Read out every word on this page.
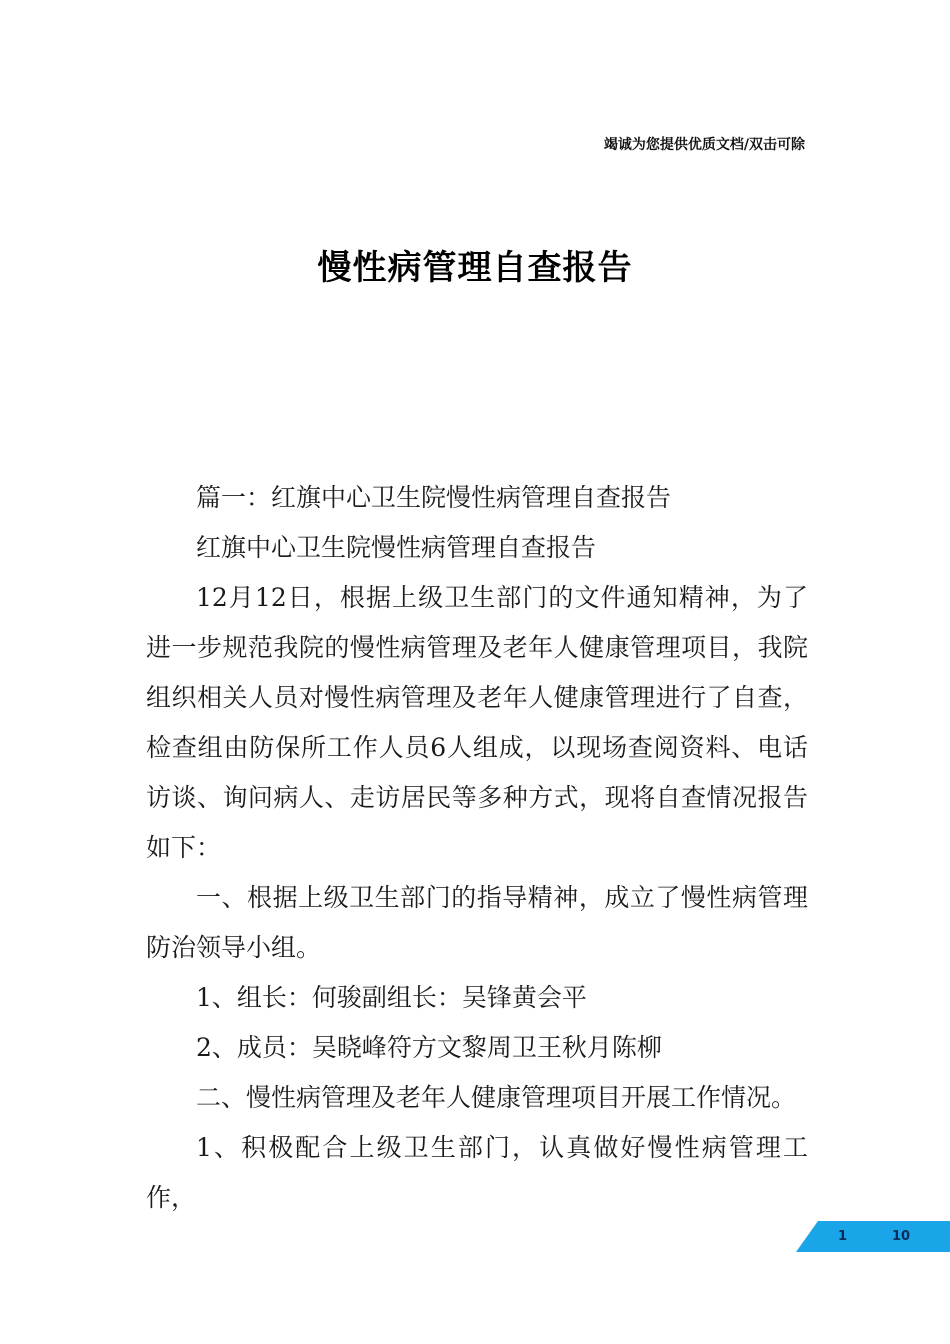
竭诚为您提供优质文档/双击可除
慢性病管理自查报告

篇一：红旗中心卫生院慢性病管理自查报告

红旗中心卫生院慢性病管理自查报告

12月12日，根据上级卫生部门的文件通知精神，为了进一步规范我院的慢性病管理及老年人健康管理项目，我院组织相关人员对慢性病管理及老年人健康管理进行了自查，检查组由防保所工作人员6人组成，以现场查阅资料、电话访谈、询问病人、走访居民等多种方式，现将自查情况报告如下：

一、根据上级卫生部门的指导精神，成立了慢性病管理防治领导小组。

1、组长：何骏副组长：吴锋黄会平

2、成员：吴晓峰符方文黎周卫王秋月陈柳

二、慢性病管理及老年人健康管理项目开展工作情况。

1、积极配合上级卫生部门，认真做好慢性病管理工作，

1	10
